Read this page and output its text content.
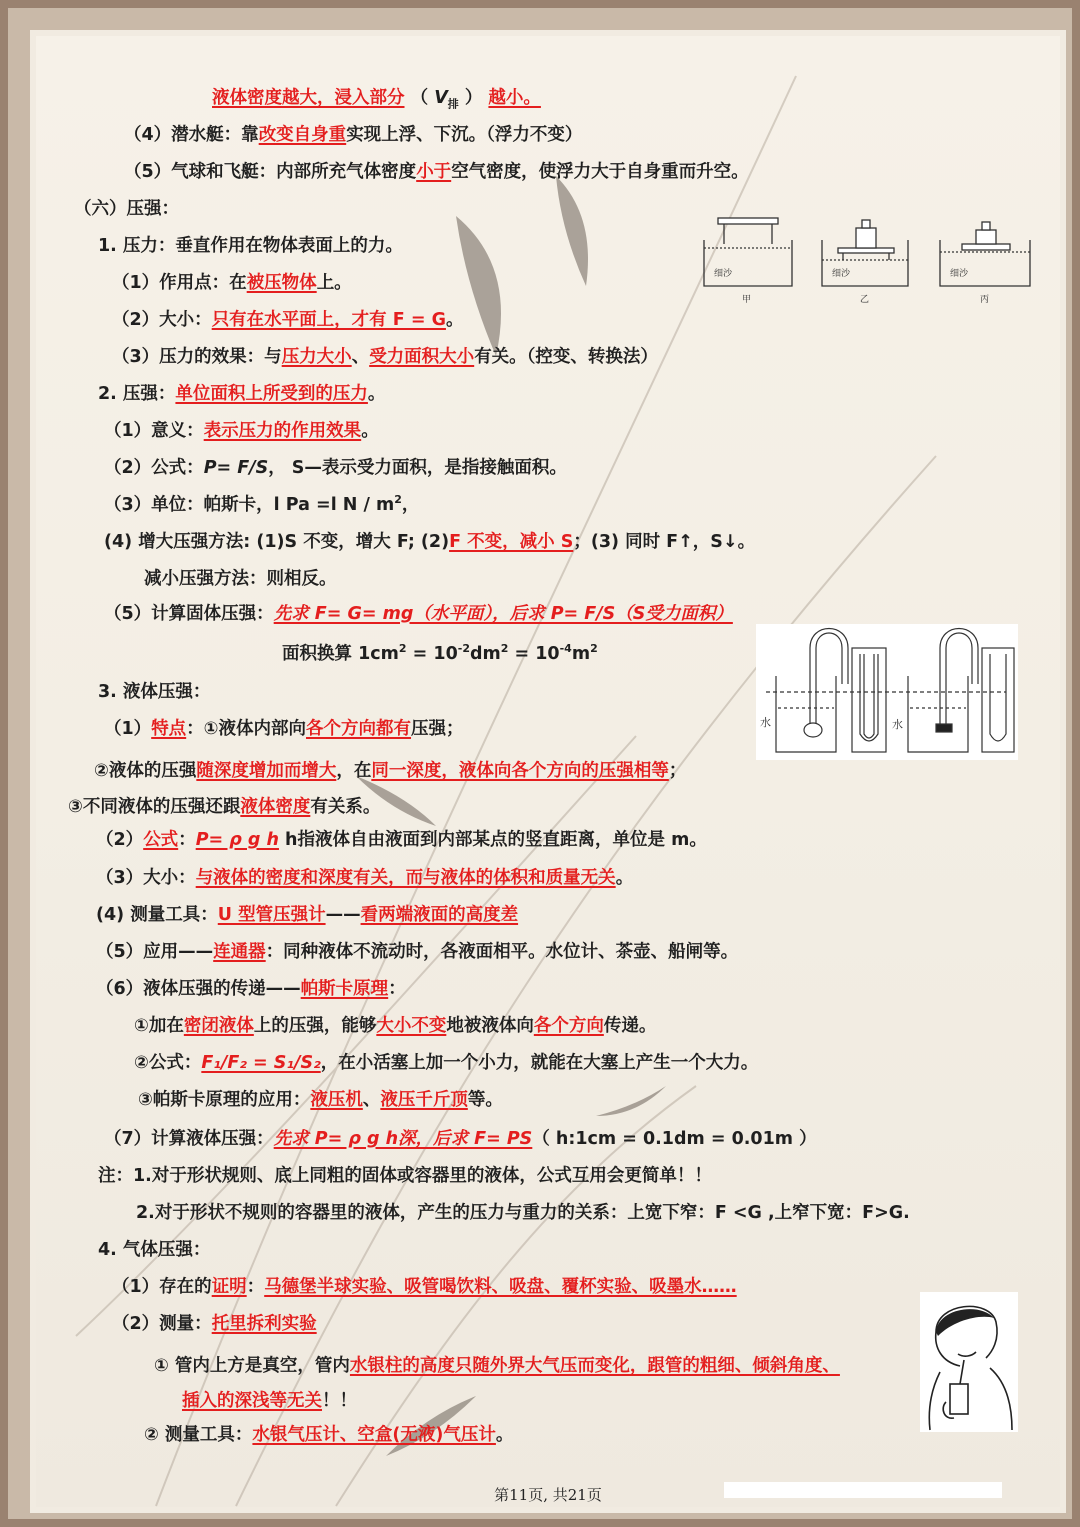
液体密度越大，浸入部分 （ $V_排$ ） 越小。
（4）潜水艇：靠改变自身重实现上浮、下沉。（浮力不变）
（5）气球和飞艇：内部所充气体密度小于空气密度，使浮力大于自身重而升空。
（六）压强：
1. 压力：垂直作用在物体表面上的力。
（1）作用点：在被压物体上。
（2）大小：只有在水平面上，才有 F = G。
（3）压力的效果：与压力大小、受力面积大小有关。（控变、转换法）
2. 压强：单位面积上所受到的压力。
（1）意义：表示压力的作用效果。
（2）公式：P= F/S， S—表示受力面积，是指接触面积。
（3）单位：帕斯卡，l Pa =l N / $m^2$，
(4) 增大压强方法: (1)S 不变，增大 F; (2)F 不变，减小 S；(3) 同时 F↑，S↓。
减小压强方法：则相反。
（5）计算固体压强：先求 F= G= mg（水平面），后求 P= F/S（S受力面积）
面积换算 $1cm^2 = 10^{-2}dm^2 = 10^{-4}m^2$
3. 液体压强：
（1）特点：①液体内部向各个方向都有压强；
②液体的压强随深度增加而增大，在同一深度，液体向各个方向的压强相等；
③不同液体的压强还跟液体密度有关系。
（2）公式：P= ρ g h h指液体自由液面到内部某点的竖直距离，单位是 m。
（3）大小：与液体的密度和深度有关，而与液体的体积和质量无关。
(4) 测量工具：U 型管压强计——看两端液面的高度差
（5）应用——连通器：同种液体不流动时，各液面相平。水位计、茶壶、船闸等。
（6）液体压强的传递——帕斯卡原理：
①加在密闭液体上的压强，能够大小不变地被液体向各个方向传递。
②公式：F₁/F₂ = S₁/S₂，在小活塞上加一个小力，就能在大塞上产生一个大力。
③帕斯卡原理的应用：液压机、液压千斤顶等。
（7）计算液体压强：先求 P= ρ g h深，后求 F= PS（ h:1cm = 0.1dm = 0.01m ）
注：1.对于形状规则、底上同粗的固体或容器里的液体，公式互用会更简单！！
2.对于形状不规则的容器里的液体，产生的压力与重力的关系：上宽下窄：F <G ,上窄下宽：F>G.
4. 气体压强：
（1）存在的证明：马德堡半球实验、吸管喝饮料、吸盘、覆杯实验、吸墨水……
（2）测量：托里拆利实验
① 管内上方是真空，管内水银柱的高度只随外界大气压而变化，跟管的粗细、倾斜角度、
插入的深浅等无关！！
② 测量工具：水银气压计、空盒(无液)气压计。
细沙	细沙	细沙
甲	乙	丙
水	水
第11页, 共21页
